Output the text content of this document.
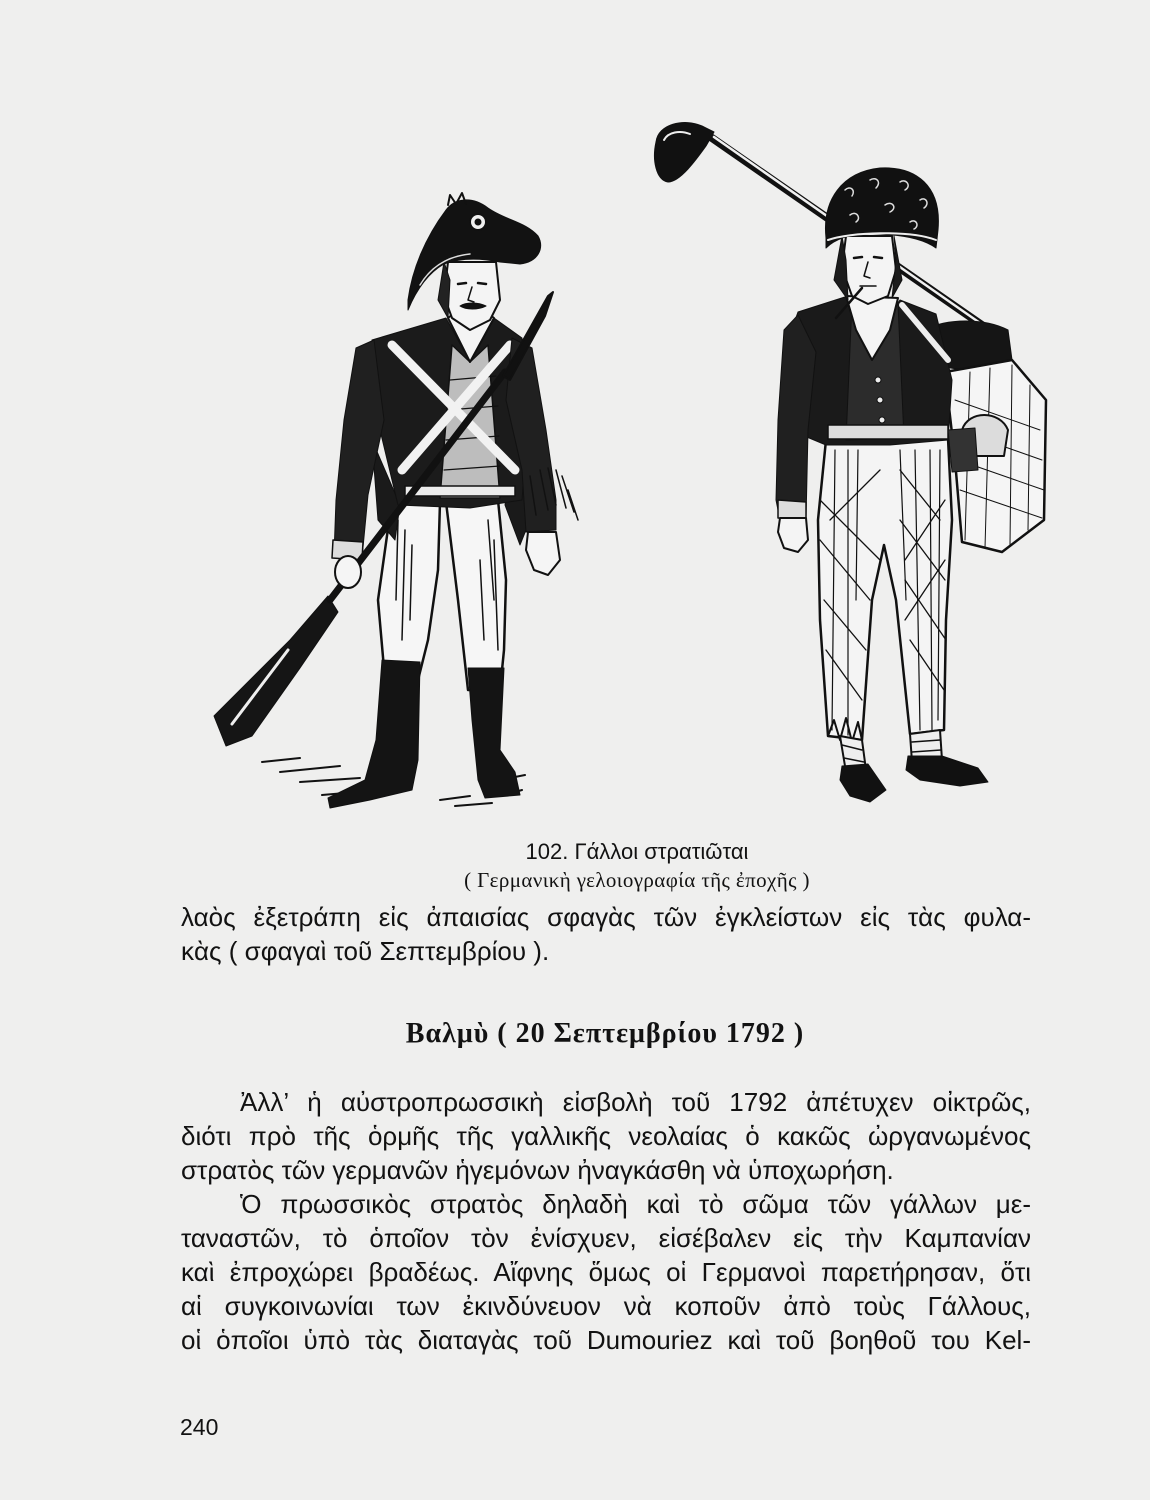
102. Γάλλοι στρατιῶται
( Γερμανικὴ γελοιογραφία τῆς ἐποχῆς )
λαὸς ἐξετράπη εἰς ἀπαισίας σφαγὰς τῶν ἐγκλείστων εἰς τὰς φυλα-
κὰς ( σφαγαὶ τοῦ Σεπτεμβρίου ).
Βαλμὺ ( 20 Σεπτεμβρίου 1792 )
Ἀλλ’ ἡ αὐστροπρωσσικὴ εἰσβολὴ τοῦ 1792 ἀπέτυχεν οἰκτρῶς,
διότι πρὸ τῆς ὁρμῆς τῆς γαλλικῆς νεολαίας ὁ κακῶς ὠργανωμένος
στρατὸς τῶν γερμανῶν ἡγεμόνων ἠναγκάσθη νὰ ὑποχωρήση.
Ὁ πρωσσικὸς στρατὸς δηλαδὴ καὶ τὸ σῶμα τῶν γάλλων με-
ταναστῶν, τὸ ὁποῖον τὸν ἐνίσχυεν, εἰσέβαλεν εἰς τὴν Καμπανίαν
καὶ ἐπροχώρει βραδέως. Αἴφνης ὅμως οἱ Γερμανοὶ παρετήρησαν, ὅτι
αἱ συγκοινωνίαι των ἐκινδύνευον νὰ κοποῦν ἀπὸ τοὺς Γάλλους,
οἱ ὁποῖοι ὑπὸ τὰς διαταγὰς τοῦ Dumouriez καὶ τοῦ βοηθοῦ του Kel-
240
